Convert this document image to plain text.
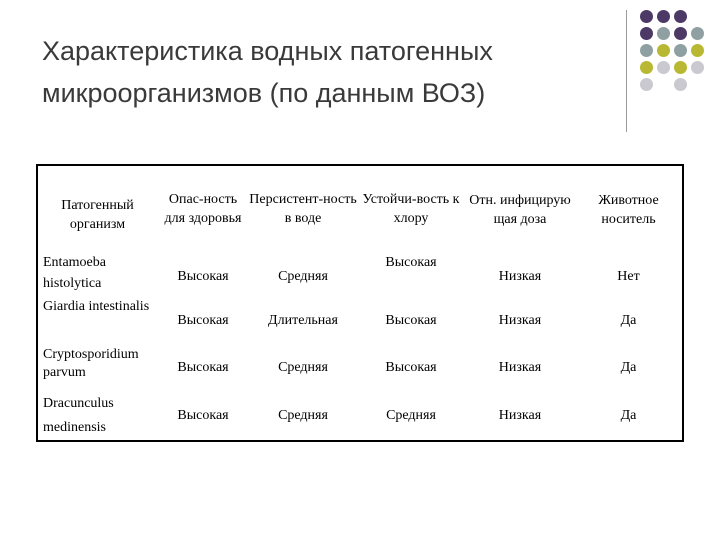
Характеристика водных патогенных
микроорганизмов (по данным ВОЗ)
Патогенный организм	Опас-ность для здоровья	Персистент-ность в воде	Устойчи-вость к хлору	Отн. инфицирую щая доза	Животное носитель
Entamoeba histolytica	Высокая	Средняя	Высокая	Низкая	Нет
Giardia intestinalis	Высокая	Длительная	Высокая	Низкая	Да
Cryptosporidium parvum	Высокая	Средняя	Высокая	Низкая	Да
Dracunculus medinensis	Высокая	Средняя	Средняя	Низкая	Да
